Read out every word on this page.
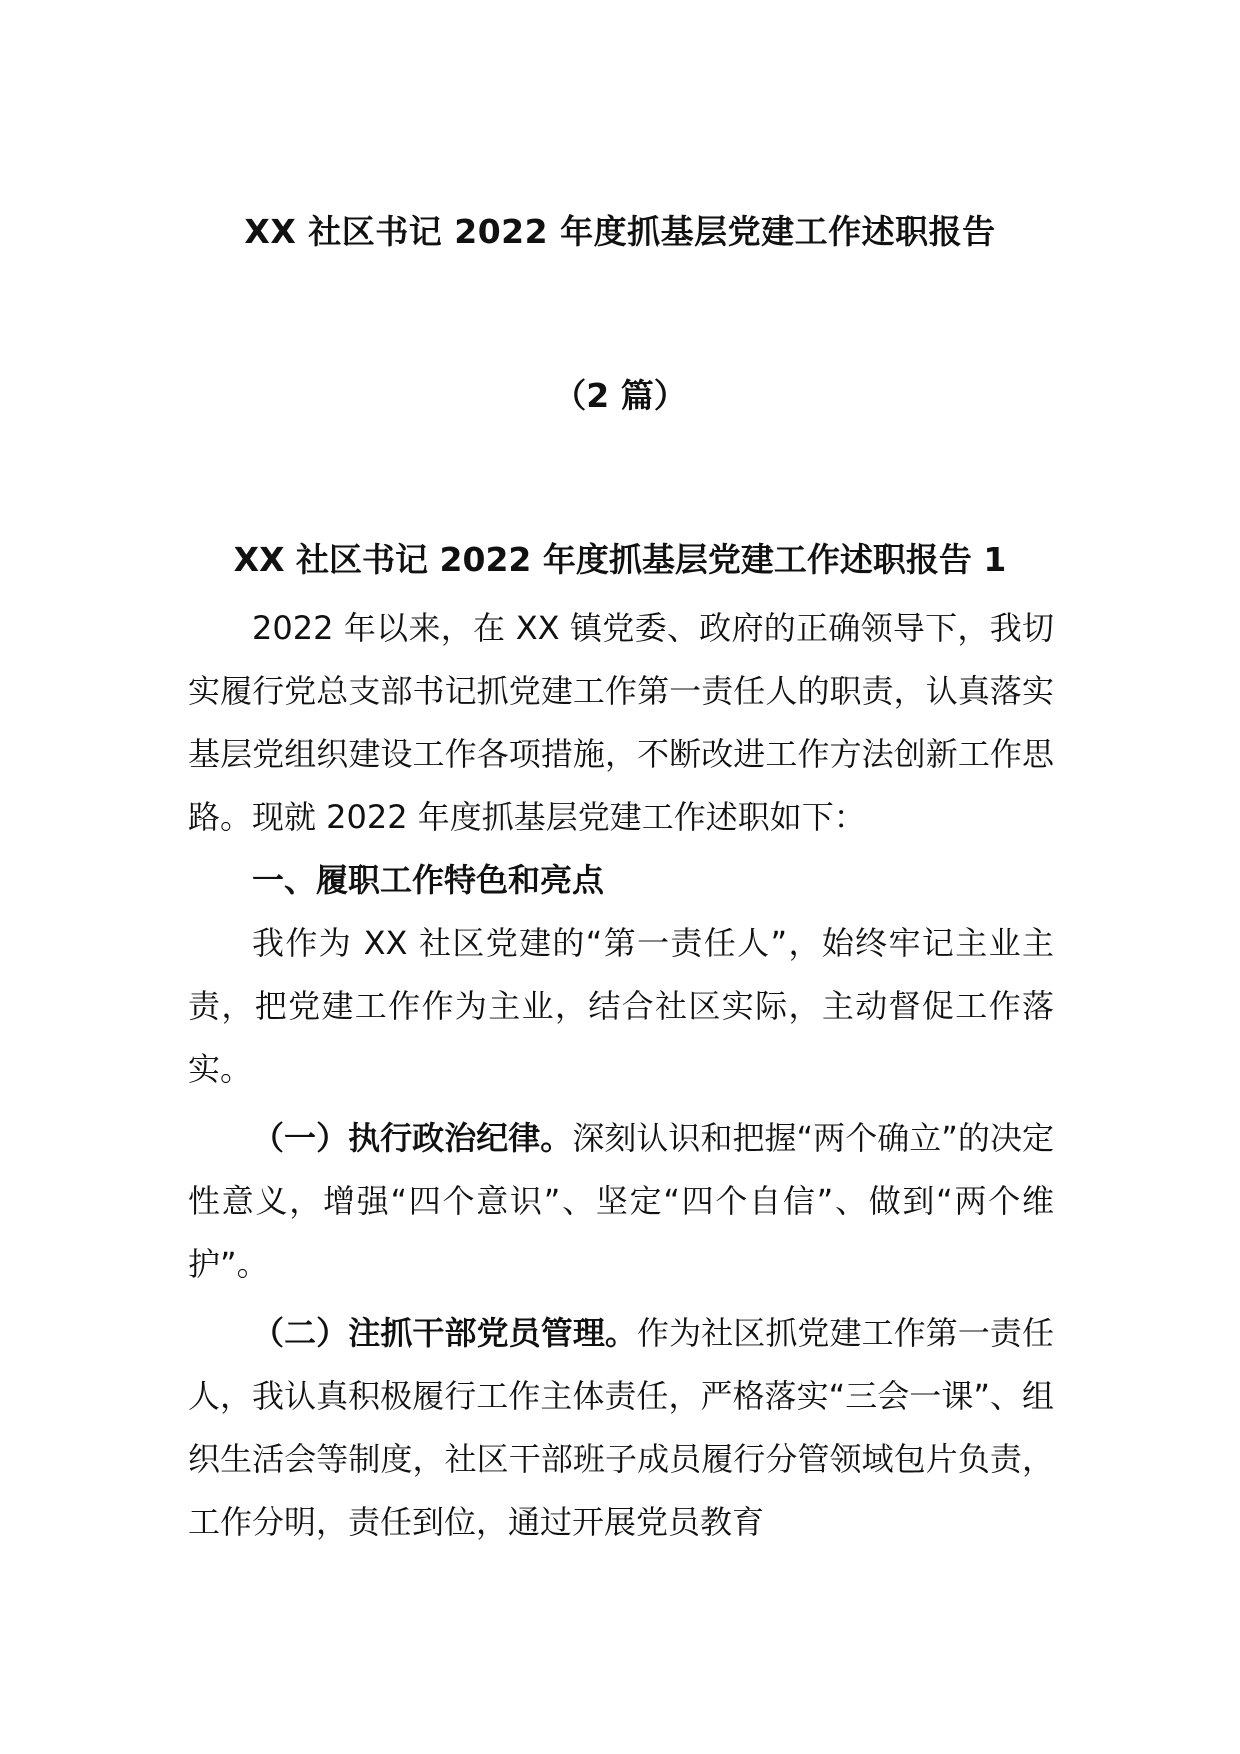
XX 社区书记 2022 年度抓基层党建工作述职报告
（2 篇）
XX 社区书记 2022 年度抓基层党建工作述职报告 1

2022 年以来，在 XX 镇党委、政府的正确领导下，我切实履行党总支部书记抓党建工作第一责任人的职责，认真落实基层党组织建设工作各项措施，不断改进工作方法创新工作思路。现就 2022 年度抓基层党建工作述职如下：

一、履职工作特色和亮点

我作为 XX 社区党建的“第一责任人”，始终牢记主业主责，把党建工作作为主业，结合社区实际，主动督促工作落实。

（一）执行政治纪律。深刻认识和把握“两个确立”的决定性意义，增强“四个意识”、坚定“四个自信”、做到“两个维护”。

（二）注抓干部党员管理。作为社区抓党建工作第一责任人，我认真积极履行工作主体责任，严格落实“三会一课”、组织生活会等制度，社区干部班子成员履行分管领域包片负责，工作分明，责任到位，通过开展党员教育
